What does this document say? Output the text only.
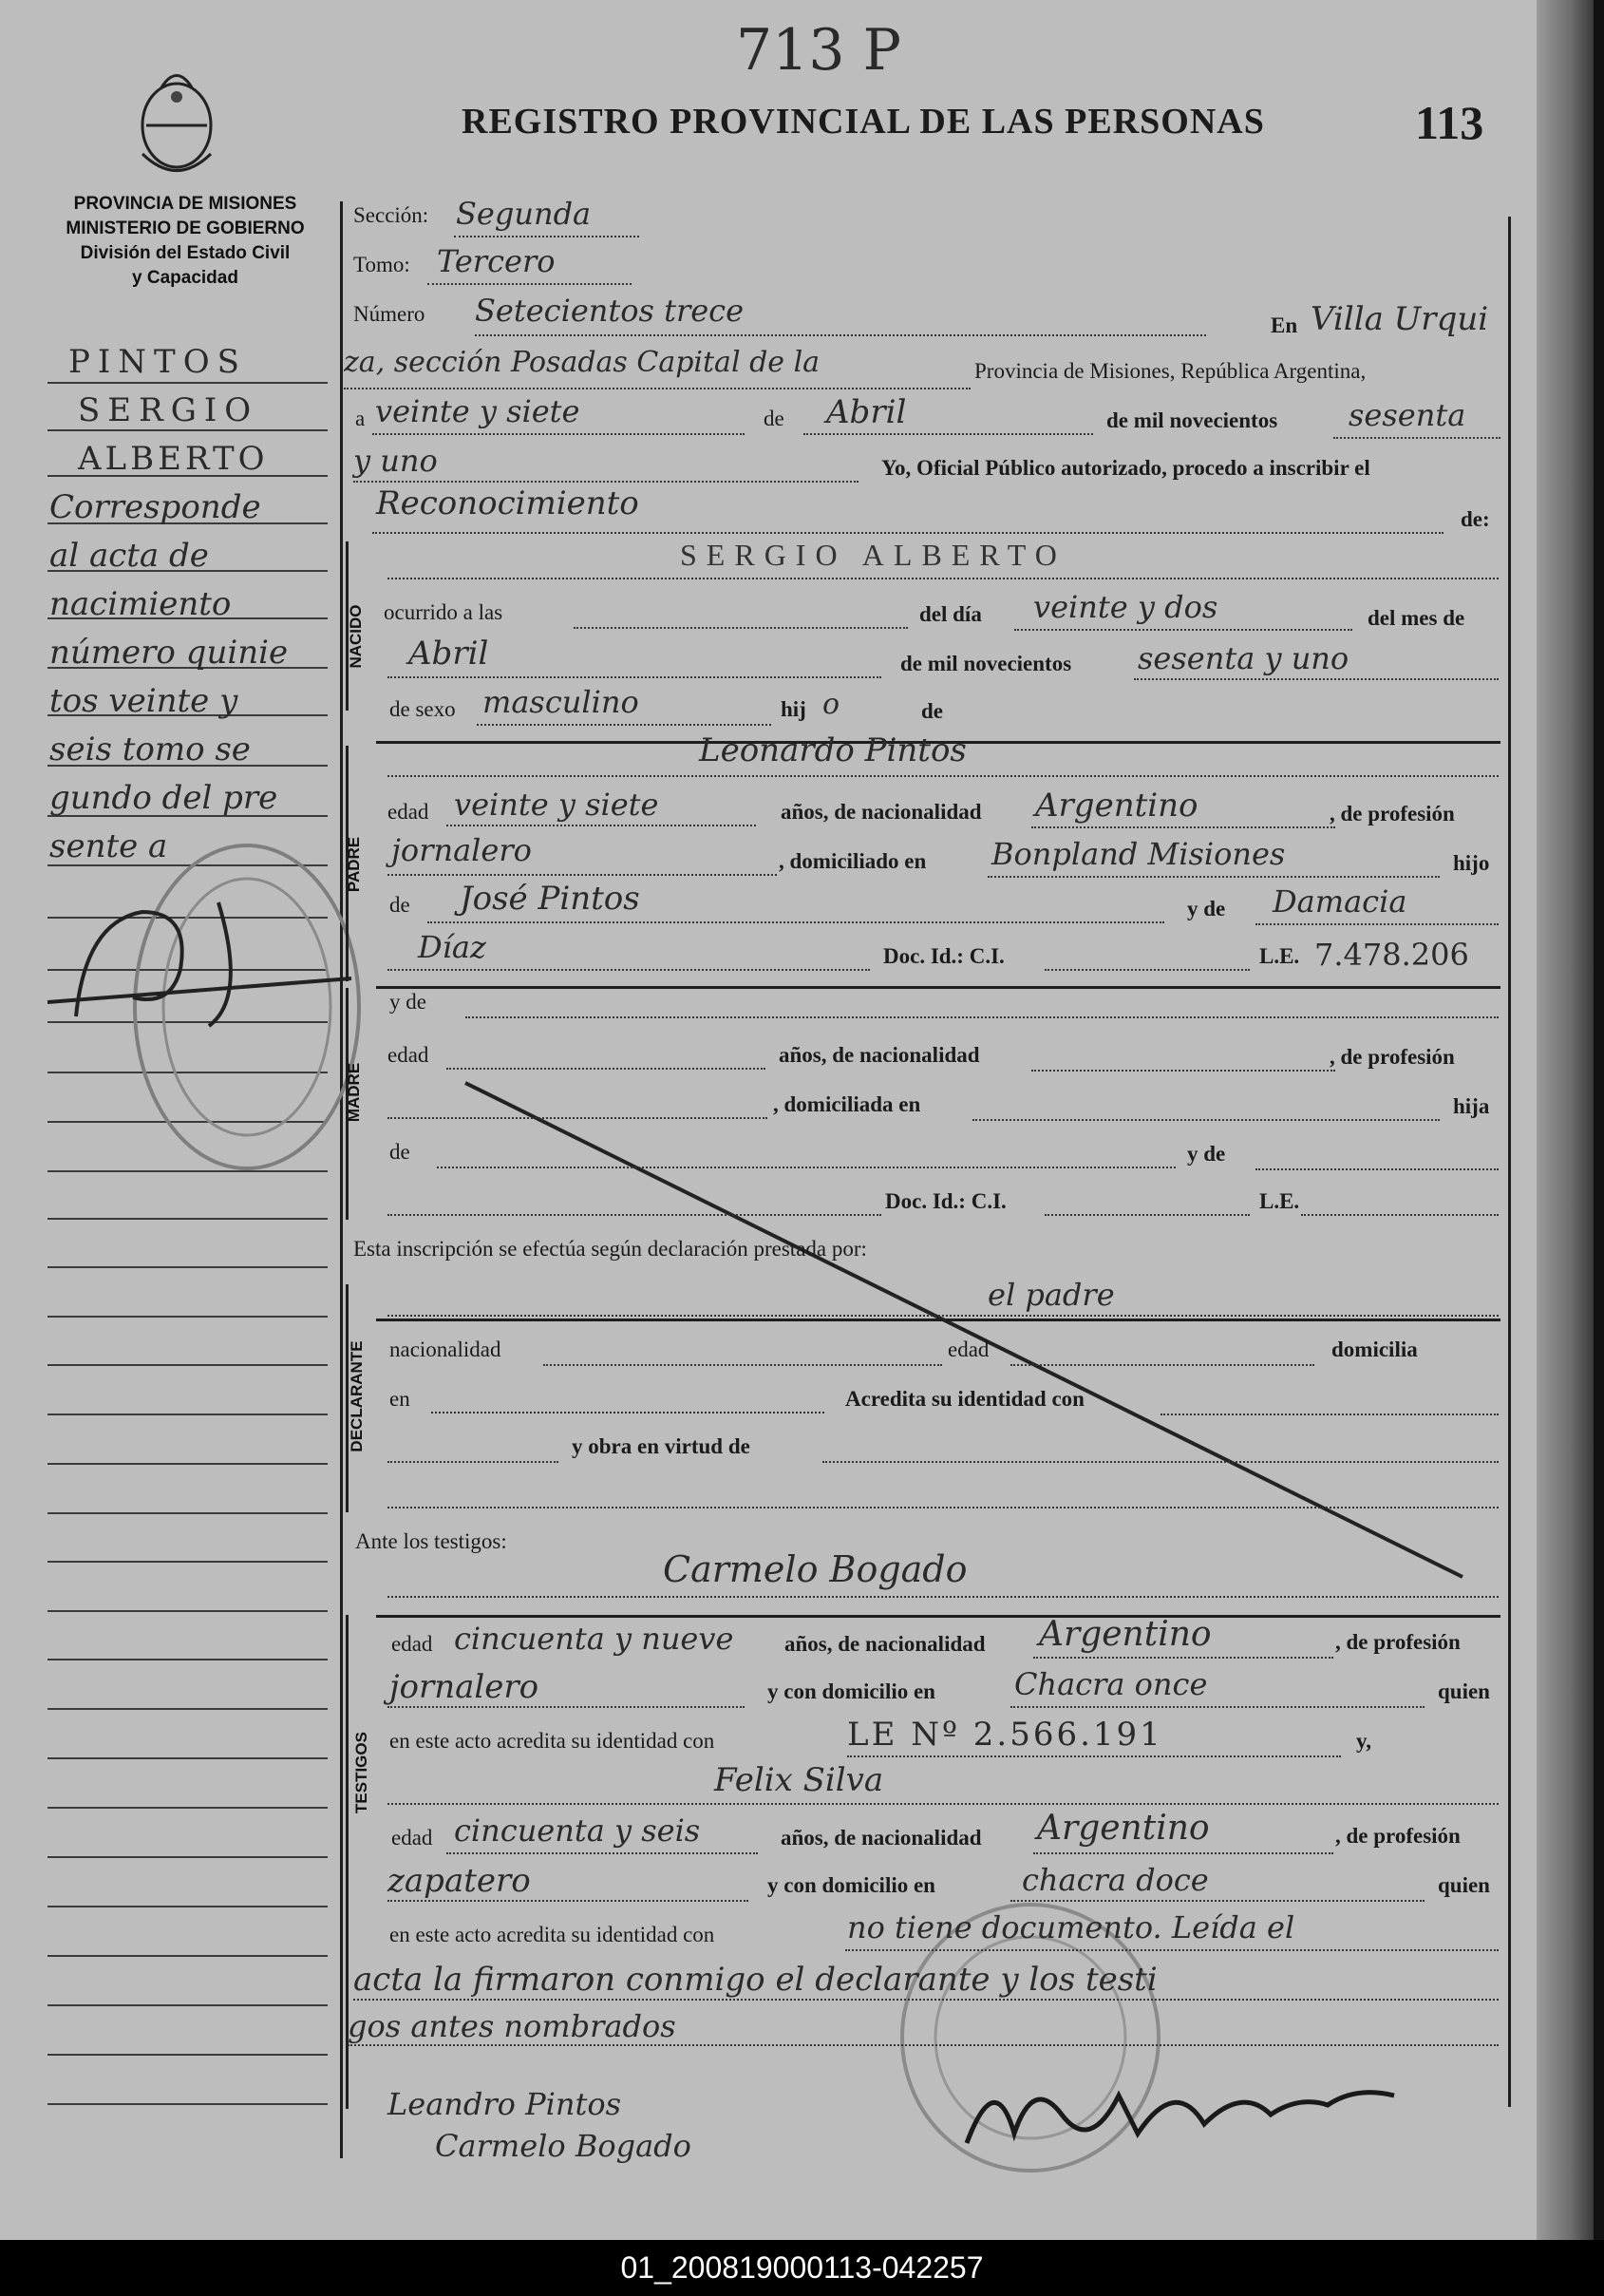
713 P
REGISTRO PROVINCIAL DE LAS PERSONAS	113
PROVINCIA DE MISIONES
MINISTERIO DE GOBIERNO
División del Estado Civil
y Capacidad
PINTOS
SERGIO
ALBERTO
Corresponde
al acta de
nacimiento
número quinie
tos veinte y
seis tomo se
gundo del pre
sente a
Sección: Segunda
Tomo: Tercero
Número Setecientos trece	En Villa Urqui
za, sección Posadas Capital de la	Provincia de Misiones, República Argentina,
a veinte y siete	de Abril	de mil novecientos sesenta
y uno	Yo, Oficial Público autorizado, procedo a inscribir el
Reconocimiento	de:
NACIDO
SERGIO ALBERTO
ocurrido a las	del día veinte y dos	del mes de
Abril	de mil novecientos sesenta y uno
de sexo masculino	hij o	de
PADRE
Leonardo Pintos
edad veinte y siete	años, de nacionalidad Argentino	, de profesión
jornalero	, domiciliado en Bonpland Misiones	hijo
de José Pintos	y de Damacia
Díaz	Doc. Id.: C.I.	L.E. 7.478.206
MADRE
y de
edad	años, de nacionalidad	, de profesión
, domiciliada en	hija
de	y de
Doc. Id.: C.I.	L.E.
Esta inscripción se efectúa según declaración prestada por:
DECLARANTE
el padre
nacionalidad	edad	domicilia
en	Acredita su identidad con
y obra en virtud de
Ante los testigos:
TESTIGOS
Carmelo Bogado
edad cincuenta y nueve años, de nacionalidad Argentino	, de profesión
jornalero	y con domicilio en	Chacra once	quien
en este acto acredita su identidad con	LE Nº 2.566.191	y,
Felix Silva
edad cincuenta y seis	años, de nacionalidad Argentino	, de profesión
zapatero	y con domicilio en	chacra doce	quien
en este acto acredita su identidad con	no tiene documento. Leída el
acta la firmaron conmigo el declarante y los testi
gos antes nombrados
Leandro Pintos
Carmelo Bogado
01_200819000113-042257
